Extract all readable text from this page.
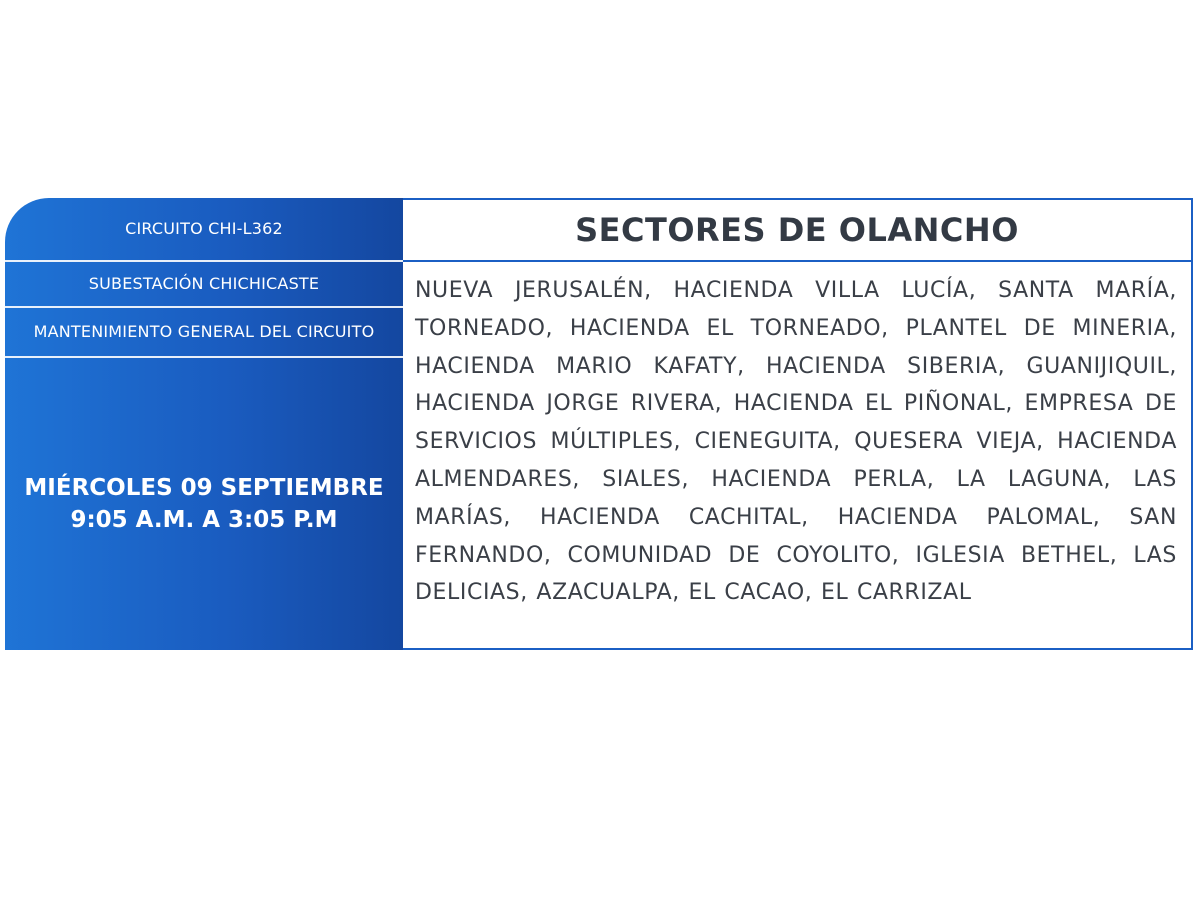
CIRCUITO CHI-L362
SUBESTACIÓN CHICHICASTE
MANTENIMIENTO GENERAL DEL CIRCUITO
MIÉRCOLES 09 SEPTIEMBRE
9:05 A.M. A 3:05 P.M
SECTORES DE OLANCHO
NUEVA JERUSALÉN, HACIENDA VILLA LUCÍA, SANTA MARÍA, TORNEADO, HACIENDA EL TORNEADO, PLANTEL DE MINERIA, HACIENDA MARIO KAFATY, HACIENDA SIBERIA, GUANIJIQUIL, HACIENDA JORGE RIVERA, HACIENDA EL PIÑONAL, EMPRESA DE SERVICIOS MÚLTIPLES, CIENEGUITA, QUESERA VIEJA, HACIENDA ALMENDARES, SIALES, HACIENDA PERLA, LA LAGUNA, LAS MARÍAS, HACIENDA CACHITAL, HACIENDA PALOMAL, SAN FERNANDO, COMUNIDAD DE COYOLITO, IGLESIA BETHEL, LAS DELICIAS, AZACUALPA, EL CACAO, EL CARRIZAL
